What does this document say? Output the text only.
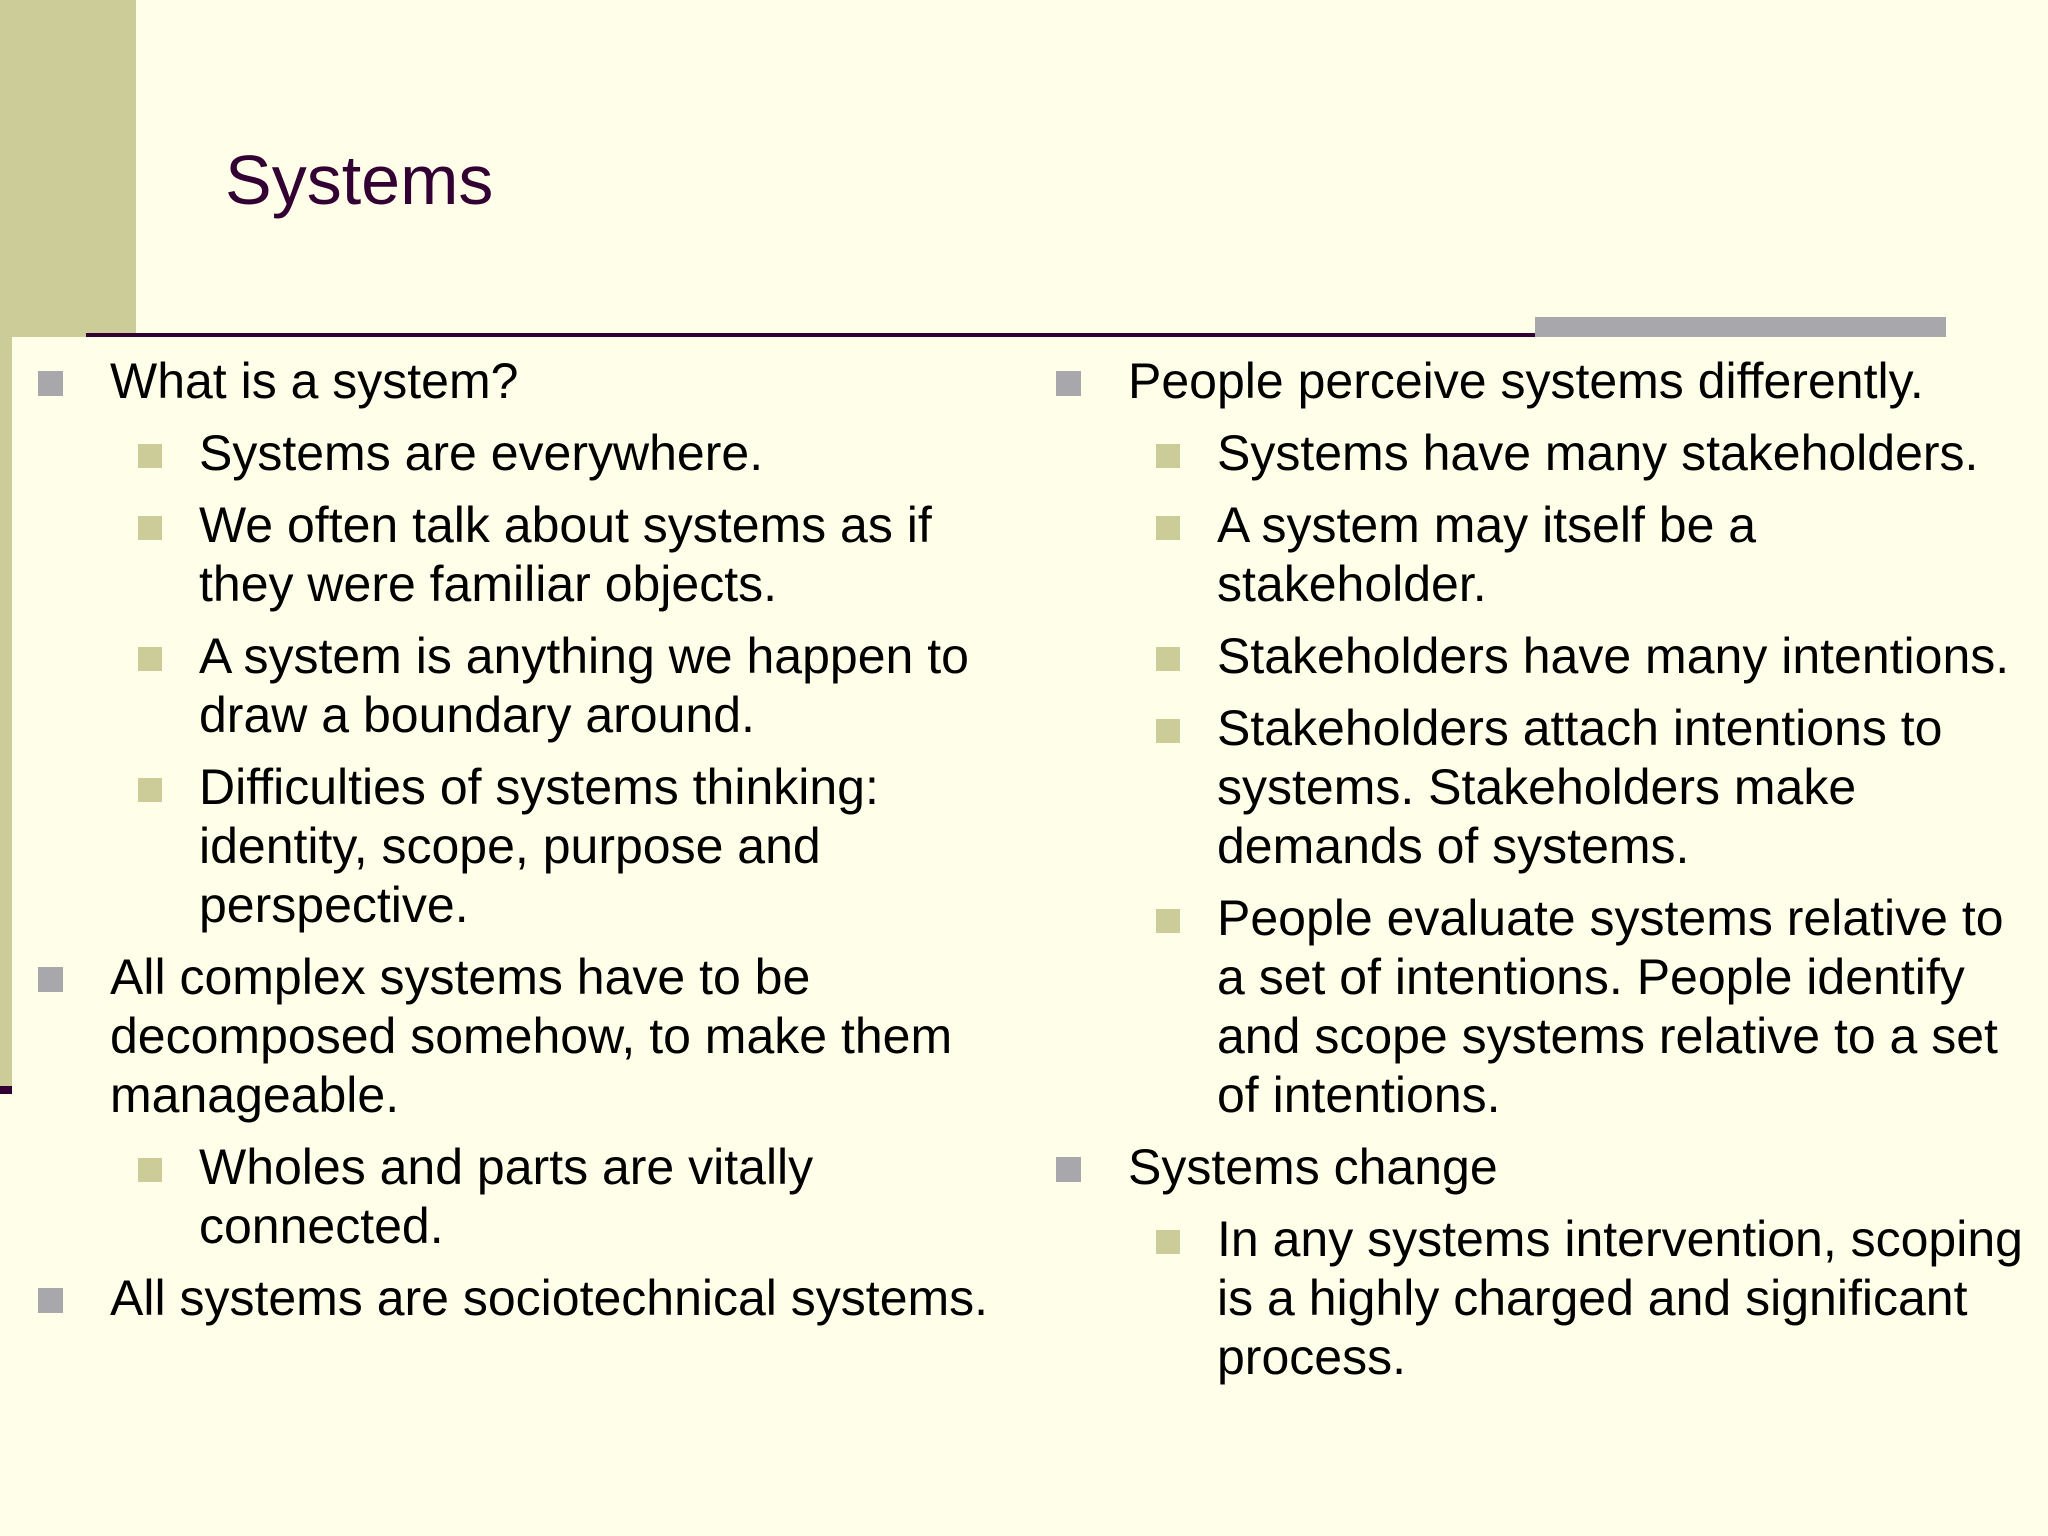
Systems
What is a system?
Systems are everywhere.
We often talk about systems as if they were familiar objects.
A system is anything we happen to draw a boundary around.
Difficulties of systems thinking: identity, scope, purpose and perspective.
All complex systems have to be decomposed somehow, to make them manageable.
Wholes and parts are vitally connected.
All systems are sociotechnical systems.
People perceive systems differently.
Systems have many stakeholders.
A system may itself be a stakeholder.
Stakeholders have many intentions.
Stakeholders attach intentions to systems. Stakeholders make demands of systems.
People evaluate systems relative to a set of intentions. People identify and scope systems relative to a set of intentions.
Systems change
In any systems intervention, scoping is a highly charged and significant process.
